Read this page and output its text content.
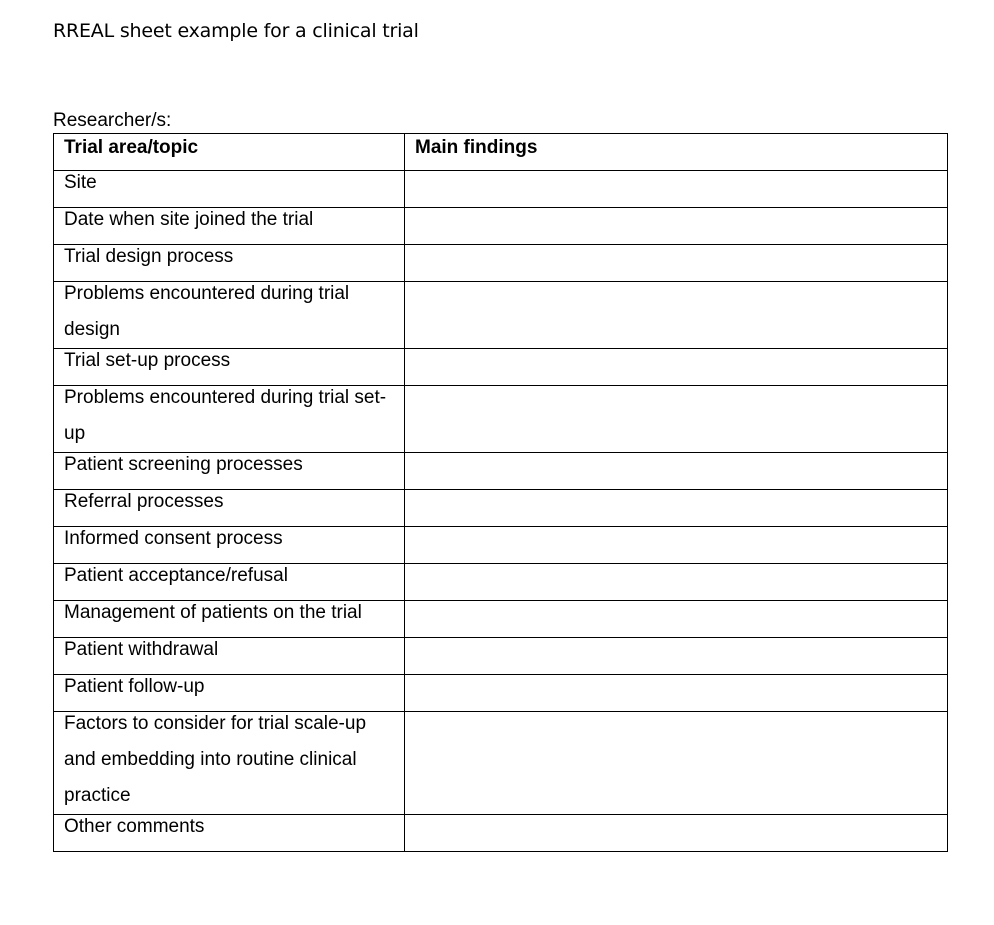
RREAL sheet example for a clinical trial
Researcher/s:
Trial area/topic	Main findings

Site	

Date when site joined the trial	

Trial design process	

Problems encountered during trial design	

Trial set-up process	

Problems encountered during trial set-up	

Patient screening processes	

Referral processes	

Informed consent process	

Patient acceptance/refusal	

Management of patients on the trial	

Patient withdrawal	

Patient follow-up	

Factors to consider for trial scale-up and embedding into routine clinical practice	

Other comments	
